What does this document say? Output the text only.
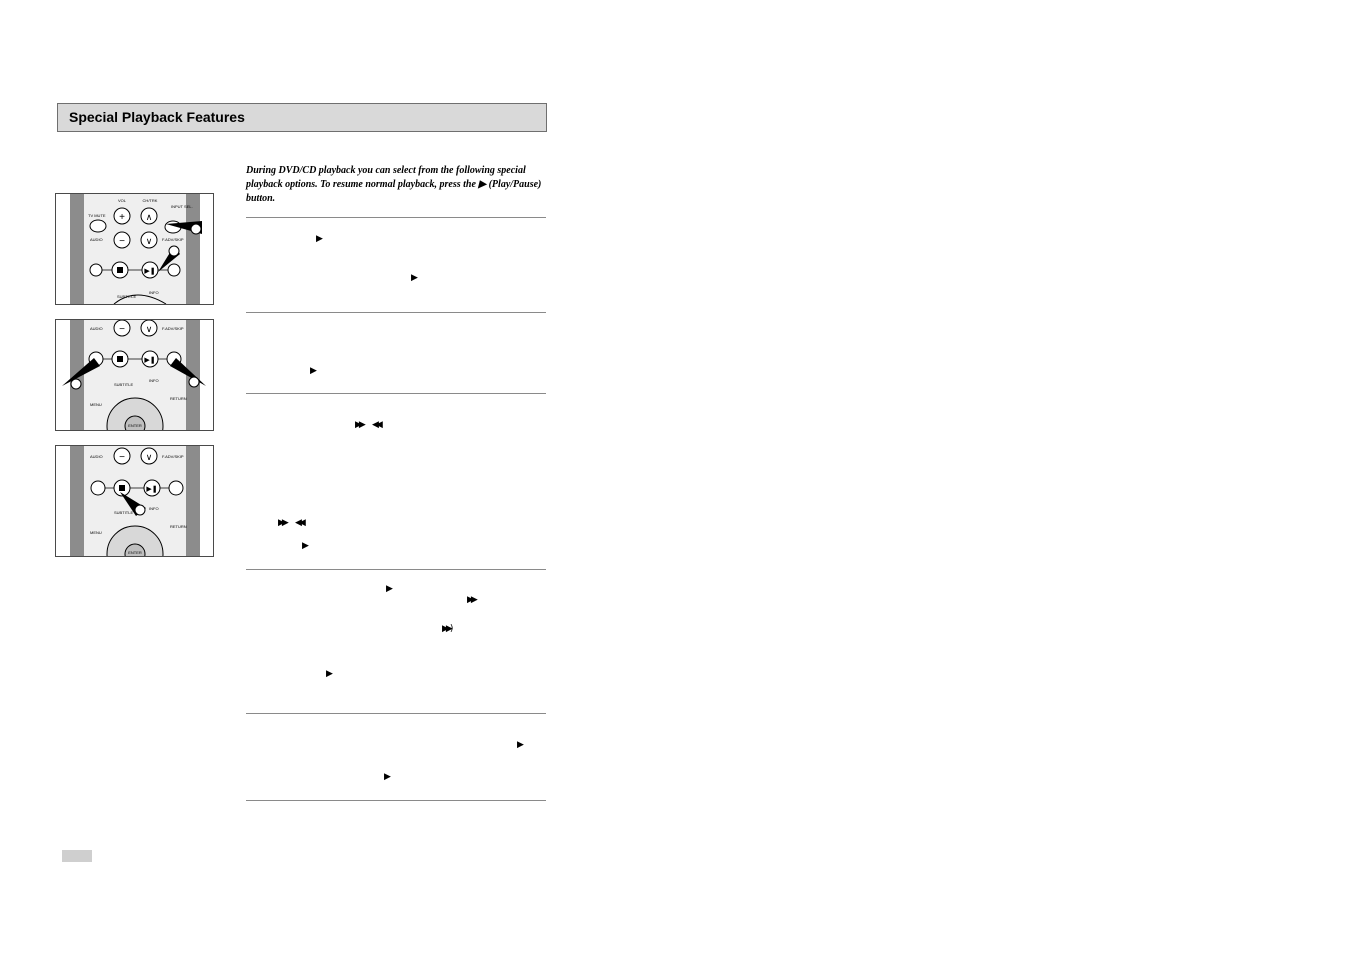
Special Playback Features

During DVD/CD playback you can select from the following special playback options. To resume normal playback, press the ▶ (Play/Pause) button.

▶
▶
▶
▶▶ ◀◀
▶▶ ◀◀
▶
▶
▶▶
▶▶)
▶
▶
▶
VOL	CH/TRK
INPUT SEL.
TV MUTE
AUDIO	F.ADV/SKIP
+
−
∧
∨
▶❚
SUBTITLE
INFO
AUDIO	F.ADV/SKIP
− ∨
▶❚
SUBTITLE
INFO
MENU
RETURN
ENTER
AUDIO	F.ADV/SKIP
− ∨
▶❚
SUBTITLE
INFO
MENU
RETURN
ENTER
